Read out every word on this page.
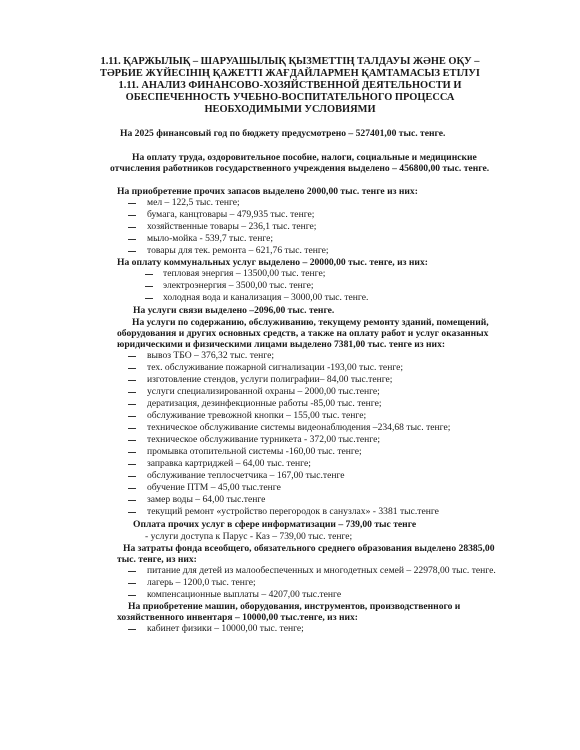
1.11. ҚАРЖЫЛЫҚ – ШАРУАШЫЛЫҚ ҚЫЗМЕТТІҢ ТАЛДАУЫ ЖӘНЕ ОҚУ –
ТӘРБИЕ ЖҮЙЕСІНІҢ ҚАЖЕТТІ ЖАҒДАЙЛАРМЕН ҚАМТАМАСЫЗ ЕТІЛУІ
1.11. АНАЛИЗ ФИНАНСОВО-ХОЗЯЙСТВЕННОЙ ДЕЯТЕЛЬНОСТИ И
ОБЕСПЕЧЕННОСТЬ УЧЕБНО-ВОСПИТАТЕЛЬНОГО ПРОЦЕССА
НЕОБХОДИМЫМИ УСЛОВИЯМИ
На 2025 финансовый год по бюджету предусмотрено – 527401,00 тыс. тенге.
На оплату труда, оздоровительное пособие, налоги, социальные и медицинские
отчисления работников государственного учреждения выделено – 456800,00 тыс. тенге.
На приобретение прочих запасов выделено 2000,00 тыс. тенге из них:
мел – 122,5 тыс. тенге;
бумага, канцтовары – 479,935 тыс. тенге;
хозяйственные товары – 236,1 тыс. тенге;
мыло-мойка - 539,7 тыс. тенге;
товары для тек. ремонта – 621,76 тыс. тенге;
На оплату коммунальных услуг выделено – 20000,00 тыс. тенге, из них:
тепловая энергия – 13500,00 тыс. тенге;
электроэнергия – 3500,00 тыс. тенге;
холодная вода и канализация – 3000,00 тыс. тенге.
На услуги связи выделено –2096,00 тыс. тенге.
На услуги по содержанию, обслуживанию, текущему ремонту зданий, помещений,
оборудования и других основных средств, а также на оплату работ и услуг оказанных
юридическими и физическими лицами выделено 7381,00 тыс. тенге из них:
вывоз ТБО – 376,32 тыс. тенге;
тех. обслуживание пожарной сигнализации -193,00 тыс. тенге;
изготовление стендов, услуги полиграфии– 84,00 тыс.тенге;
услуги специализированной охраны – 2000,00 тыс.тенге;
дератизация, дезинфекционные работы -85,00 тыс. тенге;
обслуживание тревожной кнопки – 155,00 тыс. тенге;
техническое обслуживание системы видеонаблюдения –234,68 тыс. тенге;
техническое обслуживание турникета - 372,00 тыс.тенге;
промывка отопительной системы -160,00 тыс. тенге;
заправка картриджей – 64,00 тыс. тенге;
обслуживание теплосчетчика – 167,00 тыс.тенге
обучение ПТМ – 45,00 тыс.тенге
замер воды – 64,00 тыс.тенге
текущий ремонт «устройство перегородок в санузлах» - 3381 тыс.тенге
Оплата прочих услуг в сфере информатизации – 739,00 тыс тенге
- услуги доступа к Парус - Каз – 739,00 тыс. тенге;
На затраты фонда всеобщего, обязательного среднего образования выделено 28385,00
тыс. тенге, из них:
питание для детей из малообеспеченных и многодетных семей – 22978,00 тыс. тенге.
лагерь – 1200,0 тыс. тенге;
компенсационные выплаты – 4207,00 тыс.тенге
На приобретение машин, оборудования, инструментов, производственного и
хозяйственного инвентаря – 10000,00 тыс.тенге, из них:
кабинет физики – 10000,00 тыс. тенге;
